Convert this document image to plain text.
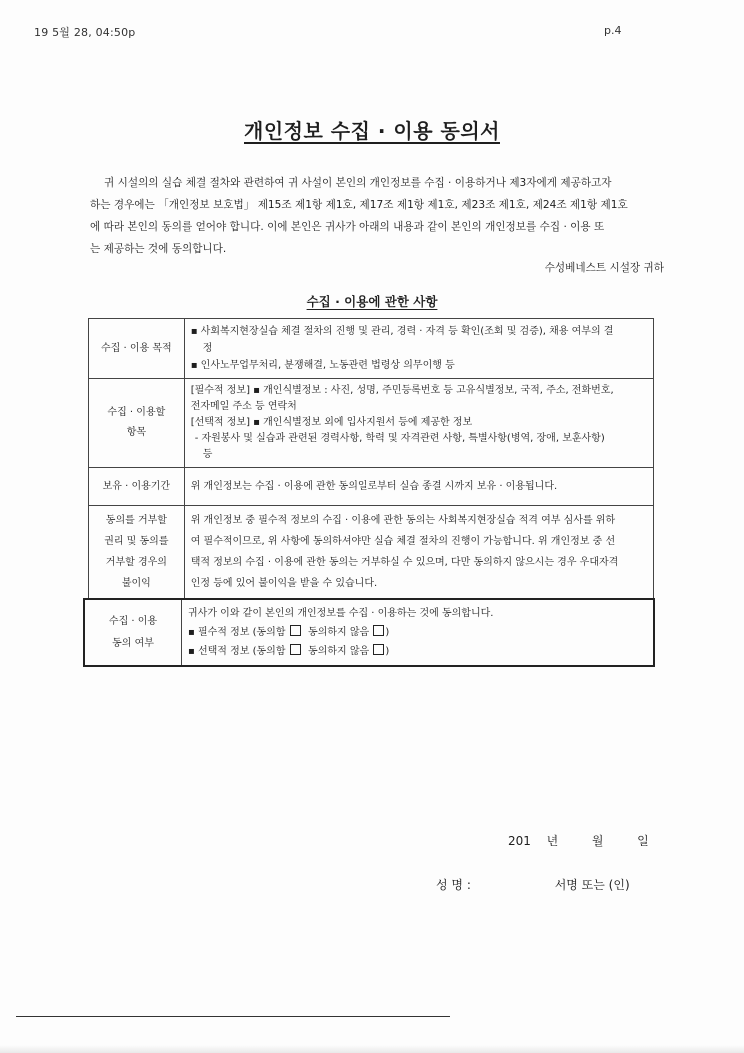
19 5월 28, 04:50p	p.4
개인정보 수집 · 이용 동의서
귀 시설의의 실습 체결 절차와 관련하여 귀 사설이 본인의 개인정보를 수집 · 이용하거나 제3자에게 제공하고자
하는 경우에는 「개인정보 보호법」 제15조 제1항 제1호, 제17조 제1항 제1호, 제23조 제1호, 제24조 제1항 제1호
에 따라 본인의 동의를 얻어야 합니다. 이에 본인은 귀사가 아래의 내용과 같이 본인의 개인정보를 수집 · 이용 또
는 제공하는 것에 동의합니다.
수성베네스트 시설장 귀하
수집 · 이용에 관한 사항
수집 · 이용 목적	▪ 사회복지현장실습 체결 절차의 진행 및 관리, 경력 · 자격 등 확인(조회 및 검증), 채용 여부의 결
정
▪ 인사노무업무처리, 분쟁해결, 노동관련 법령상 의무이행 등

수집 · 이용할
항목	[필수적 정보] ▪ 개인식별정보 : 사진, 성명, 주민등록번호 등 고유식별정보, 국적, 주소, 전화번호,
전자메일 주소 등 연락처
[선택적 정보] ▪ 개인식별정보 외에 입사지원서 등에 제공한 정보
- 자원봉사 및 실습과 관련된 경력사항, 학력 및 자격관련 사항, 특별사항(병역, 장애, 보훈사항)
등

보유 · 이용기간	위 개인정보는 수집 · 이용에 관한 동의일로부터 실습 종결 시까지 보유 · 이용됩니다.

동의를 거부할
권리 및 동의를
거부할 경우의
불이익	위 개인정보 중 필수적 정보의 수집 · 이용에 관한 동의는 사회복지현장실습 적격 여부 심사를 위하
여 필수적이므로, 위 사항에 동의하셔야만 실습 체결 절차의 진행이 가능합니다. 위 개인정보 중 선
택적 정보의 수집 · 이용에 관한 동의는 거부하실 수 있으며, 다만 동의하지 않으시는 경우 우대자격
인정 등에 있어 불이익을 받을 수 있습니다.
수집 · 이용
동의 여부

귀사가 이와 같이 본인의 개인정보를 수집 · 이용하는 것에 동의합니다.
▪ 필수적 정보 (동의함 동의하지 않음 )
▪ 선택적 정보 (동의함 동의하지 않음 )
201 년	월	일
성 명 :	서명 또는 (인)
